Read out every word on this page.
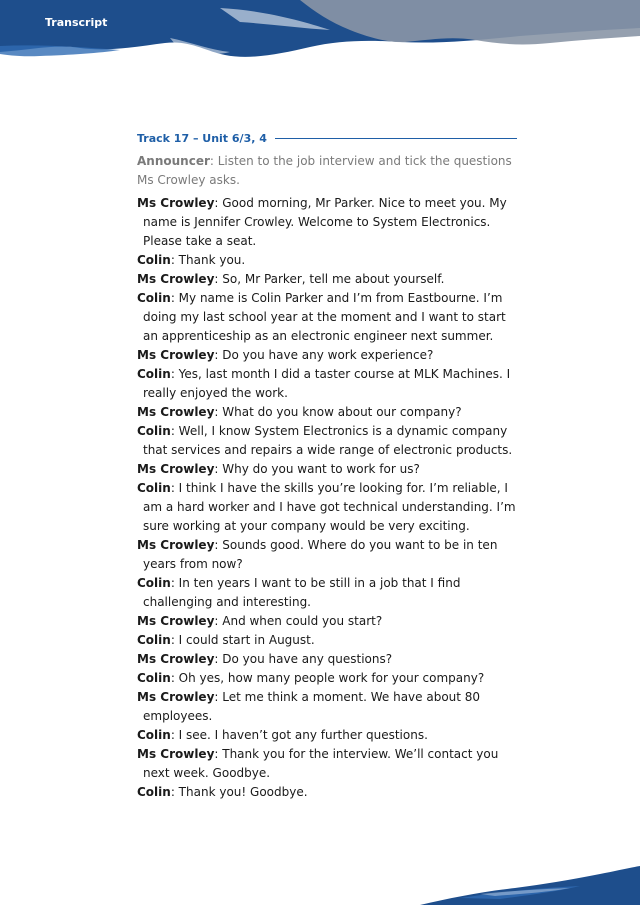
Transcript
Track 17 – Unit 6/3, 4

Announcer: Listen to the job interview and tick the questions Ms Crowley asks.

Ms Crowley: Good morning, Mr Parker. Nice to meet you. My name is Jennifer Crowley. Welcome to System Electronics. Please take a seat.

Colin: Thank you.

Ms Crowley: So, Mr Parker, tell me about yourself.

Colin: My name is Colin Parker and I’m from Eastbourne. I’m doing my last school year at the moment and I want to start an apprenticeship as an electronic engineer next summer.

Ms Crowley: Do you have any work experience?

Colin: Yes, last month I did a taster course at MLK Machines. I really enjoyed the work.

Ms Crowley: What do you know about our company?

Colin: Well, I know System Electronics is a dynamic company that services and repairs a wide range of electronic products.

Ms Crowley: Why do you want to work for us?

Colin: I think I have the skills you’re looking for. I’m reliable, I am a hard worker and I have got technical understanding. I’m sure working at your company would be very exciting.

Ms Crowley: Sounds good. Where do you want to be in ten years from now?

Colin: In ten years I want to be still in a job that I find challenging and interesting.

Ms Crowley: And when could you start?

Colin: I could start in August.

Ms Crowley: Do you have any questions?

Colin: Oh yes, how many people work for your company?

Ms Crowley: Let me think a moment. We have about 80 employees.

Colin: I see. I haven’t got any further questions.

Ms Crowley: Thank you for the interview. We’ll contact you next week. Goodbye.

Colin: Thank you! Goodbye.
